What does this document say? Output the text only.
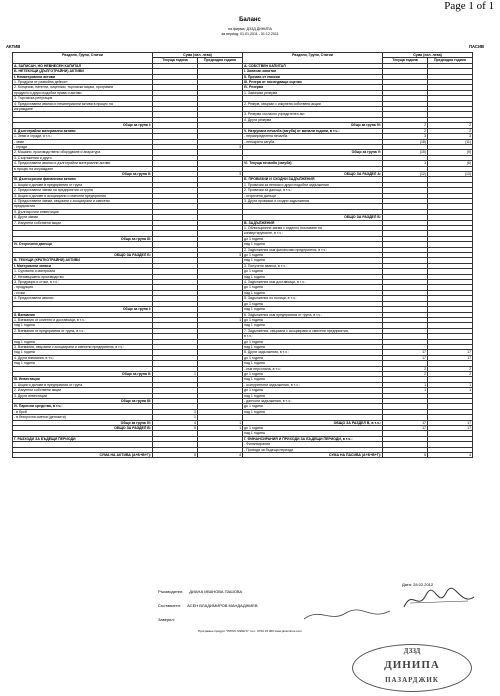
Page 1 of 1
Баланс
на фирма: ДЗЗД ДИНИПА
за период: 01.01.2011 - 31.12.2011
АКТИВ	ПАСИВ
Раздели, Групи, Статии	Сума (хил. лева)		Раздели, Групи, Статии	Сума (хил. лева)	
	Текуща година	Предходна година		Текуща година	Предходна година
А. ЗАПИСАН, НО НЕВНЕСЕН КАПИТАЛ			А. СОБСТВЕН КАПИТАЛ		
Б. НЕТЕКУЩИ (ДЪЛГОТРАЙНИ) АКТИВИ			I. Записан капитал		
I. Нематериални активи			II. Премии от емисии		
1. Продукти от развойна дейност			III. Резерв от последващи оценки		
2. Концесии, патенти, лицензии, търговски марки, програмни			IV. Резерви		
продукти и други подобни права и активи			1. Законови резерви		
3. Търговска репутация					
4. Предоставени аванси и нематериални активи в процес на			2. Резерв, свързан с изкупени собствени акции		
изграждане					
			3. Резерви съгласно учредителен акт		
			4. Други резерви		
Общо за група I:			Общо за група IV:	2	2
II. Дълготрайни материални активи			V. Натрупана печалба (загуба) от минали години, в т.ч.:	2	2
1. Земи и сгради, в т.ч.:			- неразпределена печалба	3	3
- земи			- непокрита загуба	(18)	(11)
- сгради		3			
2. Машини, производствено оборудване и апаратура			Общо за група V:	(15)	(9)
3. Съоръжения и други					
4. Предоставени аванси и дълготрайни материални активи			VI. Текуща печалба (загуба)	1	(6)
в процес на изграждане					
Общо за група II:		3	ОБЩО ЗА РАЗДЕЛ А:	(12)	(13)
III. Дългосрочни финансови активи			Б. ПРОВИЗИИ И СХОДНИ ЗАДЪЛЖЕНИЯ		
1. Акции и дялове в предприятия от група			1. Провизии за пенсии и други подобни задължения		
2. Предоставени заеми на предприятия от група			2. Провизии за данъци, в т.ч.:		
3. Акции и дялове в асоциирани и смесени предприятия			- отсрочени данъци		
4. Предоставени заеми, свързани с асоциирани и смесени			3. Други провизии и сходни задължения		
предприятия					
5. Дългосрочни инвестиции					
6. Други заеми			ОБЩО ЗА РАЗДЕЛ Б:		
7. Изкупени собствени акции			В. ЗАДЪЛЖЕНИЯ		
			1. Облигационни заеми с отделно посочване на		
			конвертируемите, в т.ч.:		
Общо за група III:			до 1 година		
IV. Отсрочени данъци			над 1 година		
			2. Задължения към финансови предприятия, в т.ч.:		
ОБЩО ЗА РАЗДЕЛ Б:		3	до 1 година		
В. ТЕКУЩИ (КРАТКОТРАЙНИ) АКТИВИ			над 1 година		
I. Материални запаси			3. Получени аванси, в т.ч.:		
1. Суровини и материали			до 1 година		
2. Незавършено производство			над 1 година		
3. Продукция и стоки, в т.ч.:			4. Задължения към доставчици, в т.ч.:		
- продукция			до 1 година		
- стоки			над 1 година		
4. Предоставени аванси			5. Задължения по полици, в т.ч.:		
			до 1 година		
Общо за група I:			над 1 година		
II. Вземания			6. Задължения към предприятия от група, в т.ч.:		
1. Вземания от клиенти и доставчици, в т.ч.:		1	до 1 година		
над 1 година			над 1 година		
2. Вземания от предприятия от група, в т.ч.:			7. Задължения, свързани с асоциирани и смесени предприятия,		
			в т.ч.:		
над 1 година			до 1 година		
3. Вземания, свързани с асоциирани и смесени предприятия, в т.ч.:			над 1 година		
над 1 година			8. Други задължения, в т.ч.:	17	17
4. Други вземания, в т.ч.:			до 1 година	17	17
над 1 година			над 1 година		
			- към персонала, в т.ч.:	2	2
Общо за група II:	1		до 1 година	2	2
III. Инвестиции			над 1 година		
1. Акции и дялове в предприятия от група			- осигурителни задължения, в т.ч.:	1	1
2. Изкупени собствени акции			до 1 година	1	1
3. Други инвестиции			над 1 година		
Общо за група III:			- данъчни задължения, в т.ч.:		
IV. Парични средства, в т.ч.:			до 1 година		
- в брой	3		над 1 година		
- в безсрочни сметки (депозити)	1				
Общо за група IV:	4	1	ОБЩО ЗА РАЗДЕЛ В, в т.ч.:	17	17
ОБЩО ЗА РАЗДЕЛ В:	5	1	до 1 година	17	17
			над 1 година		
Г. РАЗХОДИ ЗА БЪДЕЩИ ПЕРИОДИ			Г. ФИНАНСИРАНИЯ И ПРИХОДИ ЗА БЪДЕЩИ ПЕРИОДИ, в т.ч.:		
			- Финансирания		
			- Приходи за бъдещи периоди		
СУМА НА АКТИВА (А+Б+В+Г):	5	4	СУМА НА ПАСИВА (А+Б+В+Г):	5	4
Дата: 28.02.2012
Ръководител: ДИАНА ИВАНОВА ПАШОВА
Съставител: АСЕН ВЛАДИМИРОВ МАНДАДЖИЕВ
Заверил:
Програмен продукт "ПЛЮС МИНУС" тел.: 0700 15 000 www.plusminus.com
ДЗЗД
ДИНИПА
ПАЗАРДЖИК
